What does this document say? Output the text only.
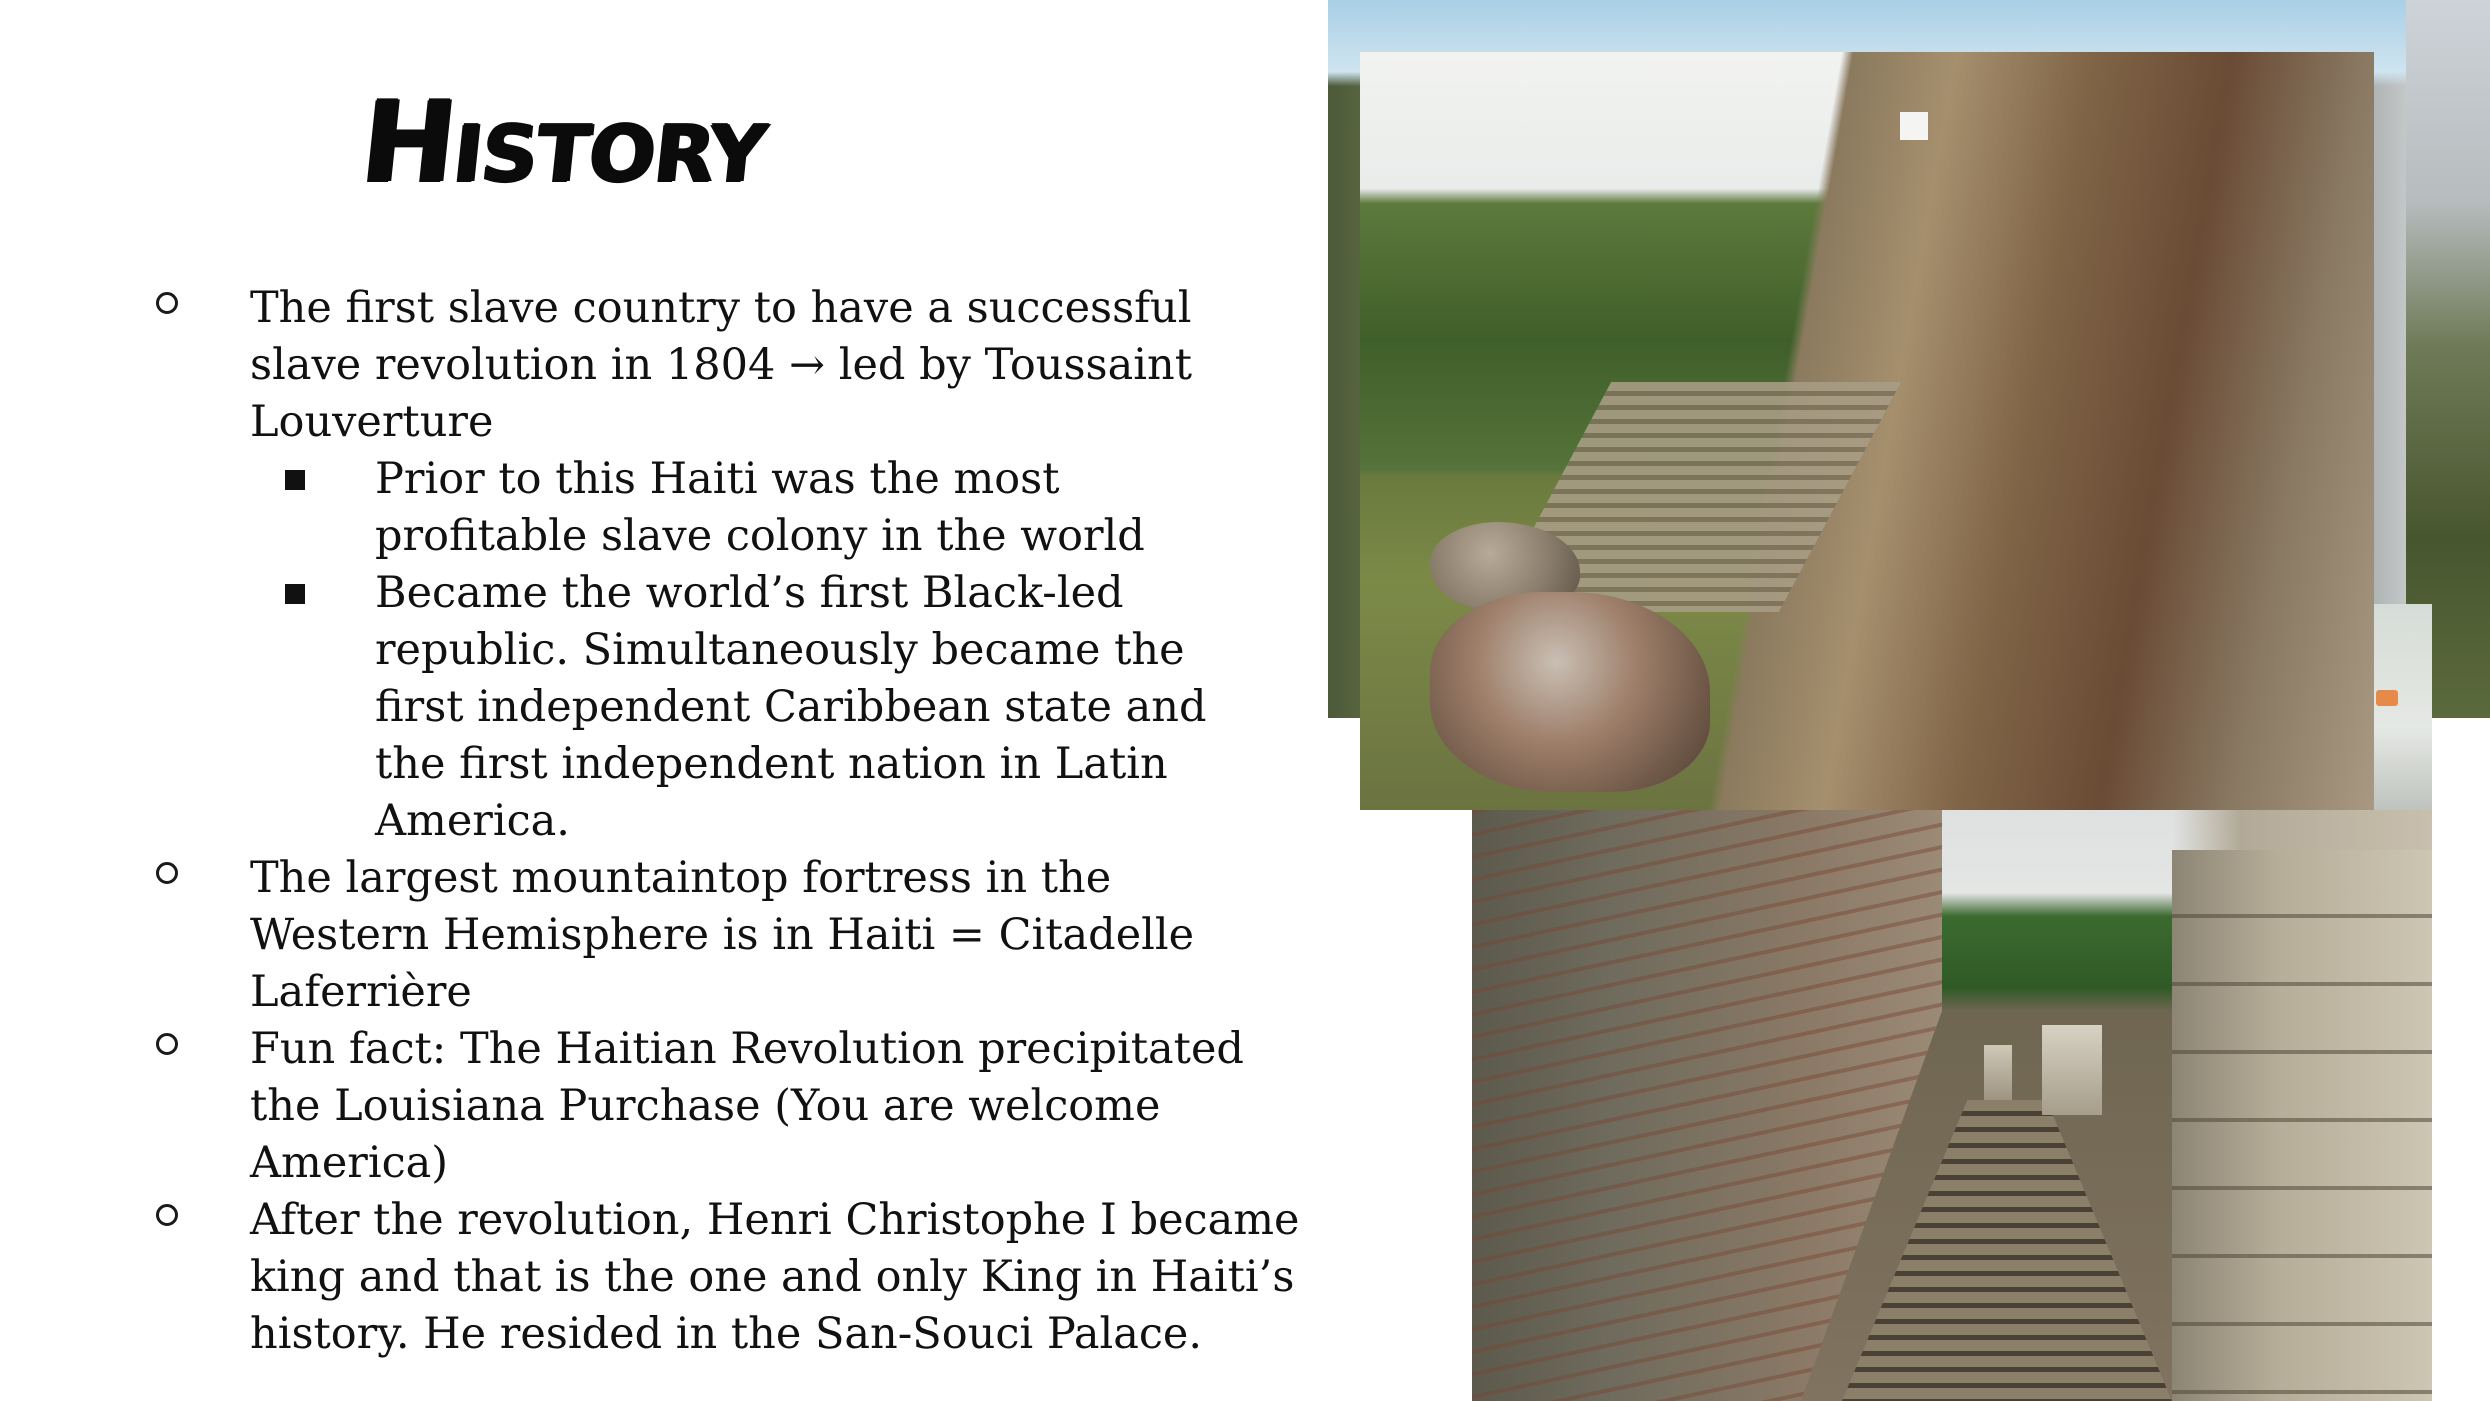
History
The first slave country to have a successful slave revolution in 1804 → led by Toussaint Louverture
Prior to this Haiti was the most profitable slave colony in the world
Became the world’s first Black-led republic. Simultaneously became the first independent Caribbean state and the first independent nation in Latin America.
The largest mountaintop fortress in the Western Hemisphere is in Haiti = Citadelle Laferrière
Fun fact: The Haitian Revolution precipitated the Louisiana Purchase (You are welcome America)
After the revolution, Henri Christophe I became king and that is the one and only King in Haiti’s history. He resided in the San-Souci Palace.
